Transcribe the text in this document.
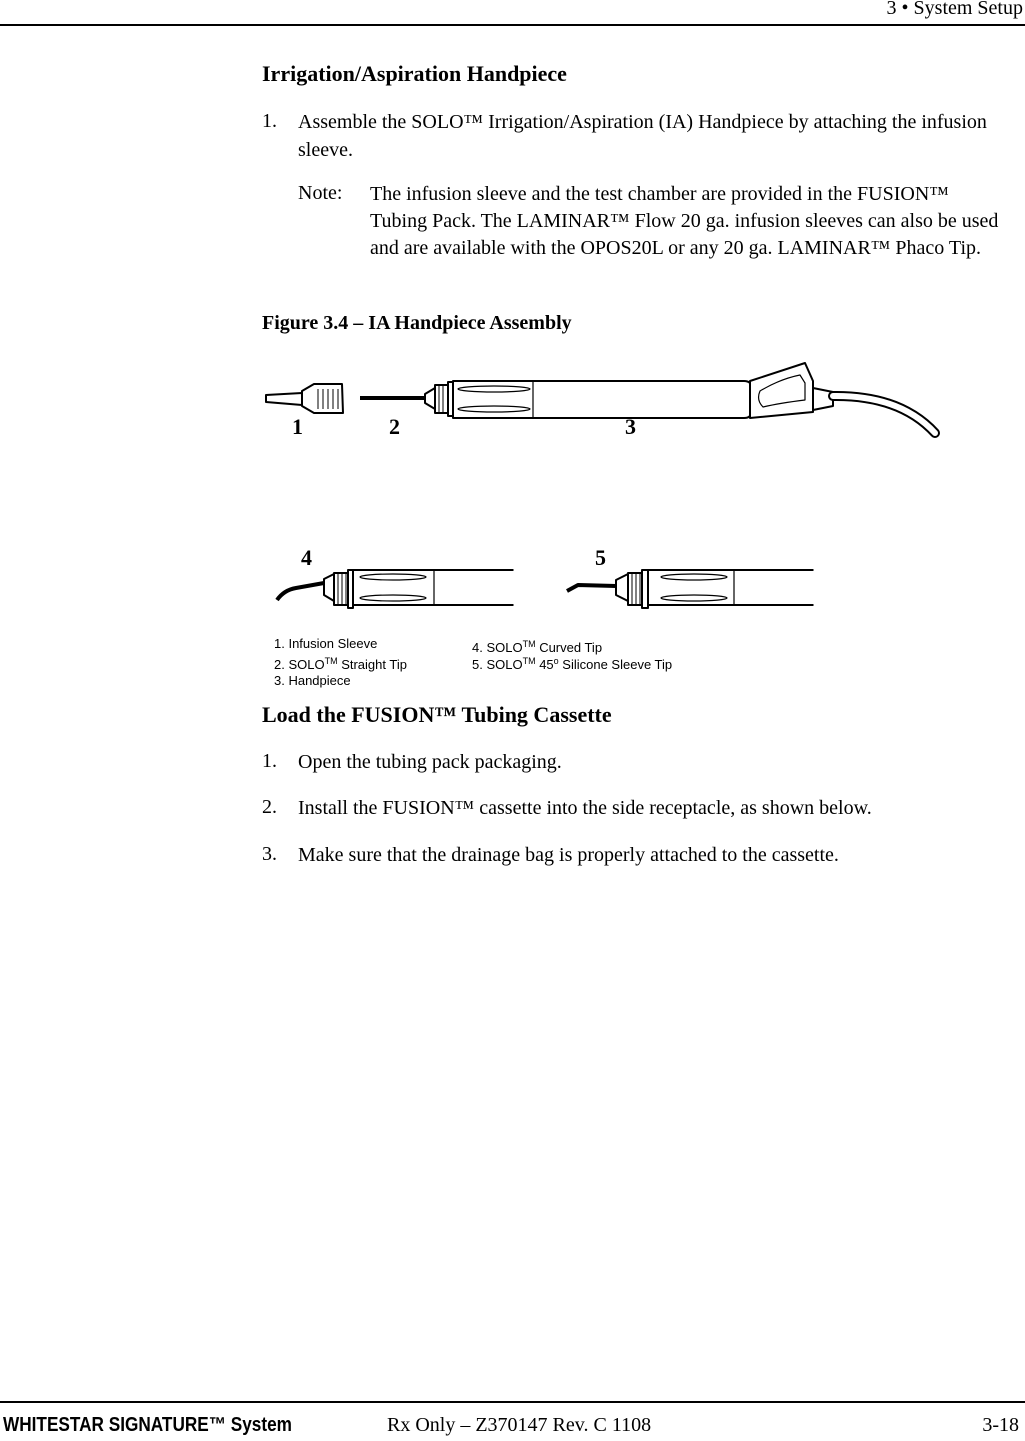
3 • System Setup
Irrigation/Aspiration Handpiece
1. Assemble the SOLO™ Irrigation/Aspiration (IA) Handpiece by attaching the infusion sleeve.
Note: The infusion sleeve and the test chamber are provided in the FUSION™ Tubing Pack. The LAMINAR™ Flow 20 ga. infusion sleeves can also be used and are available with the OPOS20L or any 20 ga. LAMINAR™ Phaco Tip.
Figure 3.4 – IA Handpiece Assembly
1	2	3
4	5
1. Infusion Sleeve
2. SOLO™ Straight Tip
3. Handpiece
4. SOLO™ Curved Tip
5. SOLO™ 45$^o$ Silicone Sleeve Tip
Load the FUSION™ Tubing Cassette
1. Open the tubing pack packaging.
2. Install the FUSION™ cassette into the side receptacle, as shown below.
3. Make sure that the drainage bag is properly attached to the cassette.
WHITESTAR SIGNATURE™ System	Rx Only – Z370147 Rev. C 1108	3-18
